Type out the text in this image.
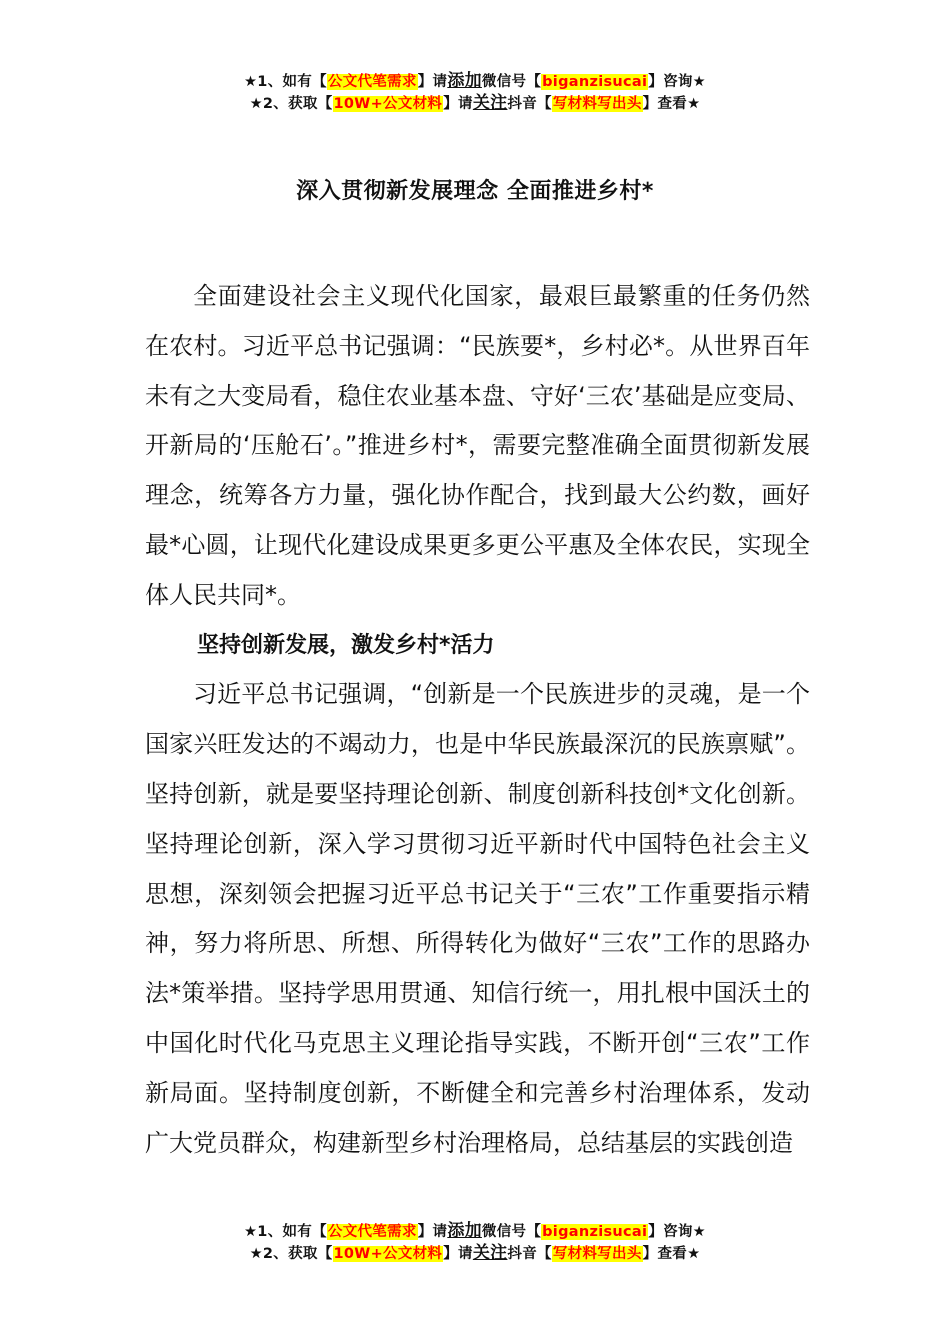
★1、如有【公文代笔需求】请添加微信号【biganzisucai】咨询★
★2、获取【10W+公文材料】请关注抖音【写材料写出头】查看★
深入贯彻新发展理念 全面推进乡村*

全面建设社会主义现代化国家，最艰巨最繁重的任务仍然在农村。习近平总书记强调：“民族要*，乡村必*。从世界百年未有之大变局看，稳住农业基本盘、守好‘三农’基础是应变局、开新局的‘压舱石’。”推进乡村*，需要完整准确全面贯彻新发展理念，统筹各方力量，强化协作配合，找到最大公约数，画好最*心圆，让现代化建设成果更多更公平惠及全体农民，实现全体人民共同*。

坚持创新发展，激发乡村*活力

习近平总书记强调，“创新是一个民族进步的灵魂，是一个国家兴旺发达的不竭动力，也是中华民族最深沉的民族禀赋”。坚持创新，就是要坚持理论创新、制度创新科技创*文化创新。坚持理论创新，深入学习贯彻习近平新时代中国特色社会主义思想，深刻领会把握习近平总书记关于“三农”工作重要指示精神，努力将所思、所想、所得转化为做好“三农”工作的思路办法*策举措。坚持学思用贯通、知信行统一，用扎根中国沃土的中国化时代化马克思主义理论指导实践，不断开创“三农”工作新局面。坚持制度创新，不断健全和完善乡村治理体系，发动广大党员群众，构建新型乡村治理格局，总结基层的实践创造

★1、如有【公文代笔需求】请添加微信号【biganzisucai】咨询★
★2、获取【10W+公文材料】请关注抖音【写材料写出头】查看★
